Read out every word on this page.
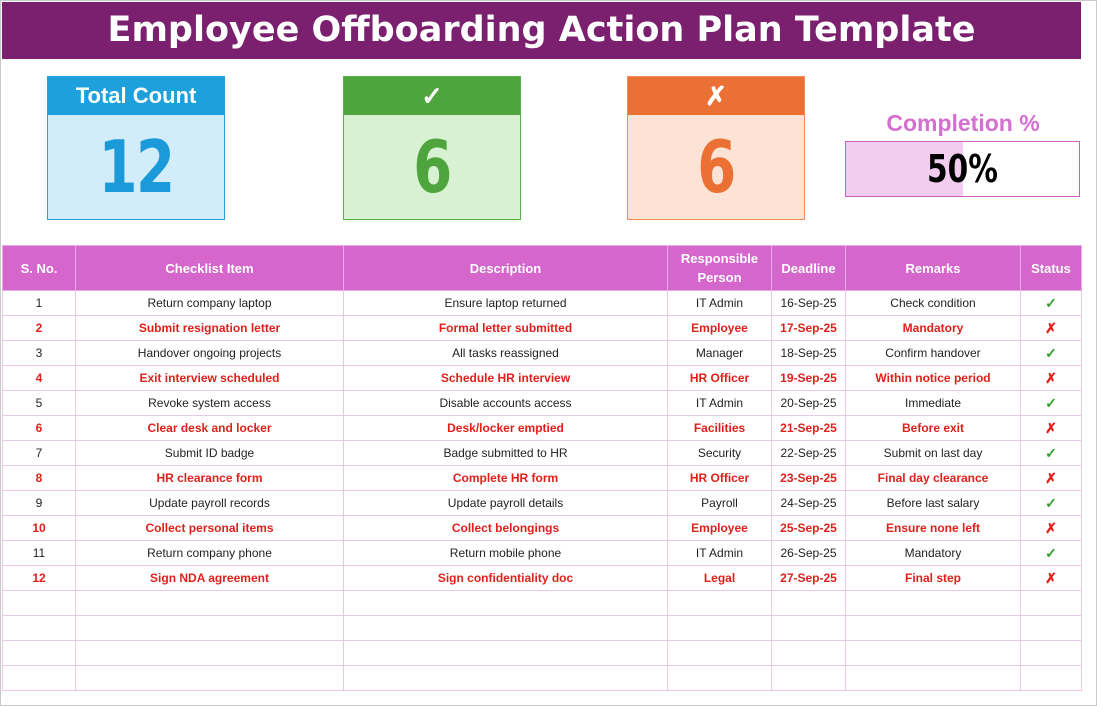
Employee Offboarding Action Plan Template
Total Count
12
✓
6
✗
6
Completion %
50%
S. No.	Checklist Item	Description	Responsible Person	Deadline	Remarks	Status
1	Return company laptop	Ensure laptop returned	IT Admin	16-Sep-25	Check condition	✓
2	Submit resignation letter	Formal letter submitted	Employee	17-Sep-25	Mandatory	✗
3	Handover ongoing projects	All tasks reassigned	Manager	18-Sep-25	Confirm handover	✓
4	Exit interview scheduled	Schedule HR interview	HR Officer	19-Sep-25	Within notice period	✗
5	Revoke system access	Disable accounts access	IT Admin	20-Sep-25	Immediate	✓
6	Clear desk and locker	Desk/locker emptied	Facilities	21-Sep-25	Before exit	✗
7	Submit ID badge	Badge submitted to HR	Security	22-Sep-25	Submit on last day	✓
8	HR clearance form	Complete HR form	HR Officer	23-Sep-25	Final day clearance	✗
9	Update payroll records	Update payroll details	Payroll	24-Sep-25	Before last salary	✓
10	Collect personal items	Collect belongings	Employee	25-Sep-25	Ensure none left	✗
11	Return company phone	Return mobile phone	IT Admin	26-Sep-25	Mandatory	✓
12	Sign NDA agreement	Sign confidentiality doc	Legal	27-Sep-25	Final step	✗
